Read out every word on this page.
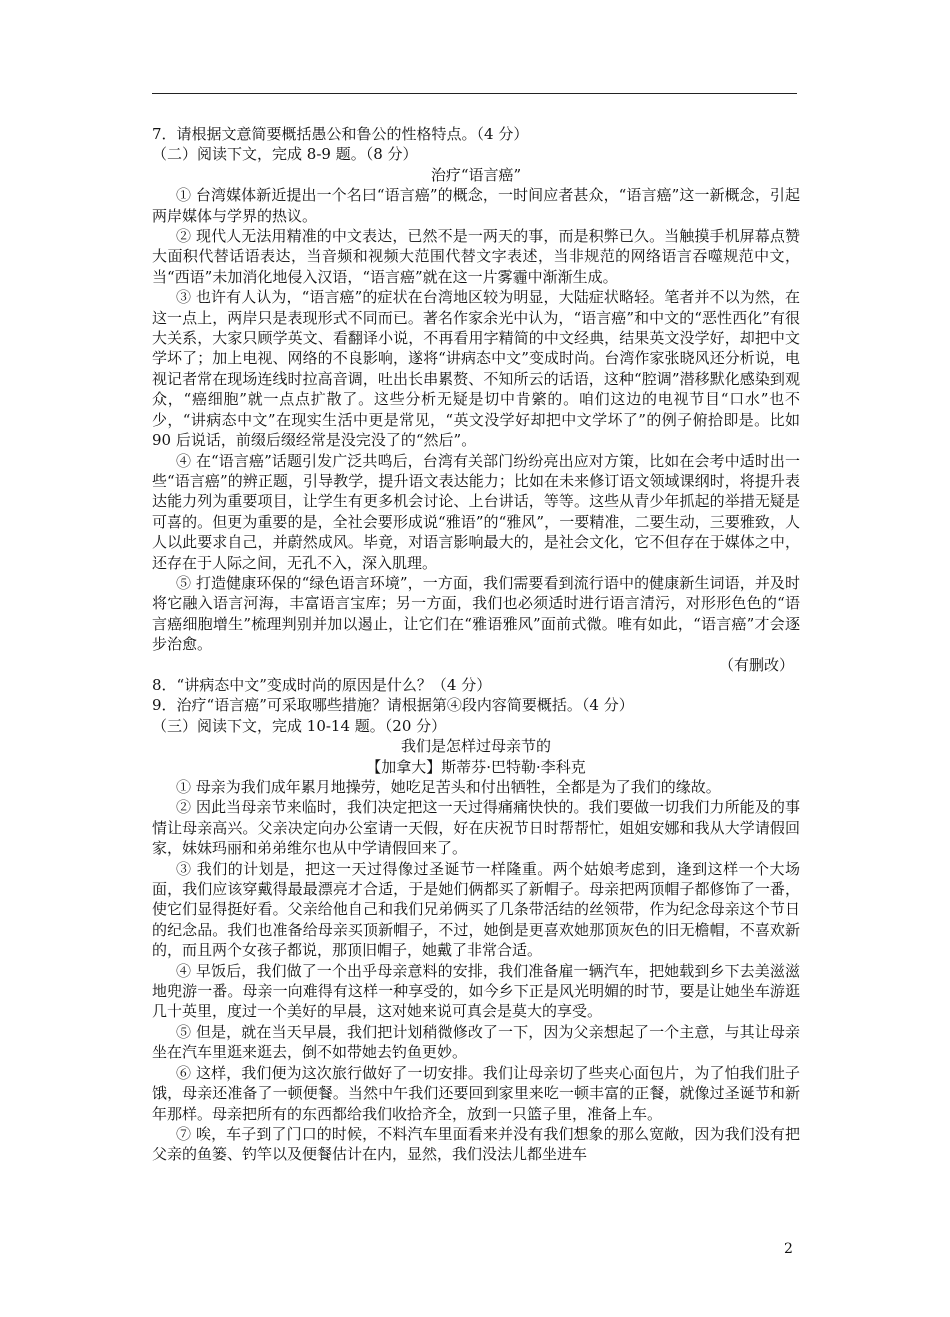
7．请根据文意简要概括愚公和鲁公的性格特点。（4 分）

（二）阅读下文，完成 8-9 题。（8 分）

治疗“语言癌”

① 台湾媒体新近提出一个名曰“语言癌”的概念，一时间应者甚众，“语言癌”这一新概念，引起两岸媒体与学界的热议。

② 现代人无法用精准的中文表达，已然不是一两天的事，而是积弊已久。当触摸手机屏幕点赞大面积代替话语表达，当音频和视频大范围代替文字表述，当非规范的网络语言吞噬规范中文，当“西语”未加消化地侵入汉语，“语言癌”就在这一片雾霾中渐渐生成。

③ 也许有人认为，“语言癌”的症状在台湾地区较为明显，大陆症状略轻。笔者并不以为然，在这一点上，两岸只是表现形式不同而已。著名作家余光中认为，“语言癌”和中文的“恶性西化”有很大关系，大家只顾学英文、看翻译小说，不再看用字精简的中文经典，结果英文没学好，却把中文学坏了；加上电视、网络的不良影响，遂将“讲病态中文”变成时尚。台湾作家张晓风还分析说，电视记者常在现场连线时拉高音调，吐出长串累赘、不知所云的话语，这种“腔调”潜移默化感染到观众，“癌细胞”就一点点扩散了。这些分析无疑是切中肯綮的。咱们这边的电视节目“口水”也不少，“讲病态中文”在现实生活中更是常见，“英文没学好却把中文学坏了”的例子俯拾即是。比如 90 后说话，前缀后缀经常是没完没了的“然后”。

④ 在“语言癌”话题引发广泛共鸣后，台湾有关部门纷纷亮出应对方策，比如在会考中适时出一些“语言癌”的辨正题，引导教学，提升语文表达能力；比如在未来修订语文领域课纲时，将提升表达能力列为重要项目，让学生有更多机会讨论、上台讲话，等等。这些从青少年抓起的举措无疑是可喜的。但更为重要的是，全社会要形成说“雅语”的“雅风”，一要精准，二要生动，三要雅致，人人以此要求自己，并蔚然成风。毕竟，对语言影响最大的，是社会文化，它不但存在于媒体之中，还存在于人际之间，无孔不入，深入肌理。

⑤ 打造健康环保的“绿色语言环境”，一方面，我们需要看到流行语中的健康新生词语，并及时将它融入语言河海，丰富语言宝库；另一方面，我们也必须适时进行语言清污，对形形色色的“语言癌细胞增生”梳理判别并加以遏止，让它们在“雅语雅风”面前式微。唯有如此，“语言癌”才会逐步治愈。

（有删改）

8．“讲病态中文”变成时尚的原因是什么？（4 分）

9．治疗“语言癌”可采取哪些措施？请根据第④段内容简要概括。（4 分）

（三）阅读下文，完成 10-14 题。（20 分）

我们是怎样过母亲节的

【加拿大】斯蒂芬·巴特勒·李科克

① 母亲为我们成年累月地操劳，她吃足苦头和付出牺牲，全都是为了我们的缘故。

② 因此当母亲节来临时，我们决定把这一天过得痛痛快快的。我们要做一切我们力所能及的事情让母亲高兴。父亲决定向办公室请一天假，好在庆祝节日时帮帮忙，姐姐安娜和我从大学请假回家，妹妹玛丽和弟弟维尔也从中学请假回来了。

③ 我们的计划是，把这一天过得像过圣诞节一样隆重。两个姑娘考虑到，逢到这样一个大场面，我们应该穿戴得最最漂亮才合适，于是她们俩都买了新帽子。母亲把两顶帽子都修饰了一番，使它们显得挺好看。父亲给他自己和我们兄弟俩买了几条带活结的丝领带，作为纪念母亲这个节日的纪念品。我们也准备给母亲买顶新帽子，不过，她倒是更喜欢她那顶灰色的旧无檐帽，不喜欢新的，而且两个女孩子都说，那顶旧帽子，她戴了非常合适。

④ 早饭后，我们做了一个出乎母亲意料的安排，我们准备雇一辆汽车，把她载到乡下去美滋滋地兜游一番。母亲一向难得有这样一种享受的，如今乡下正是风光明媚的时节，要是让她坐车游逛几十英里，度过一个美好的早晨，这对她来说可真会是莫大的享受。

⑤ 但是，就在当天早晨，我们把计划稍微修改了一下，因为父亲想起了一个主意，与其让母亲坐在汽车里逛来逛去，倒不如带她去钓鱼更妙。

⑥ 这样，我们便为这次旅行做好了一切安排。我们让母亲切了些夹心面包片，为了怕我们肚子饿，母亲还准备了一顿便餐。当然中午我们还要回到家里来吃一顿丰富的正餐，就像过圣诞节和新年那样。母亲把所有的东西都给我们收拾齐全，放到一只篮子里，准备上车。

⑦ 唉，车子到了门口的时候，不料汽车里面看来并没有我们想象的那么宽敞，因为我们没有把父亲的鱼篓、钓竿以及便餐估计在内，显然，我们没法儿都坐进车

2
